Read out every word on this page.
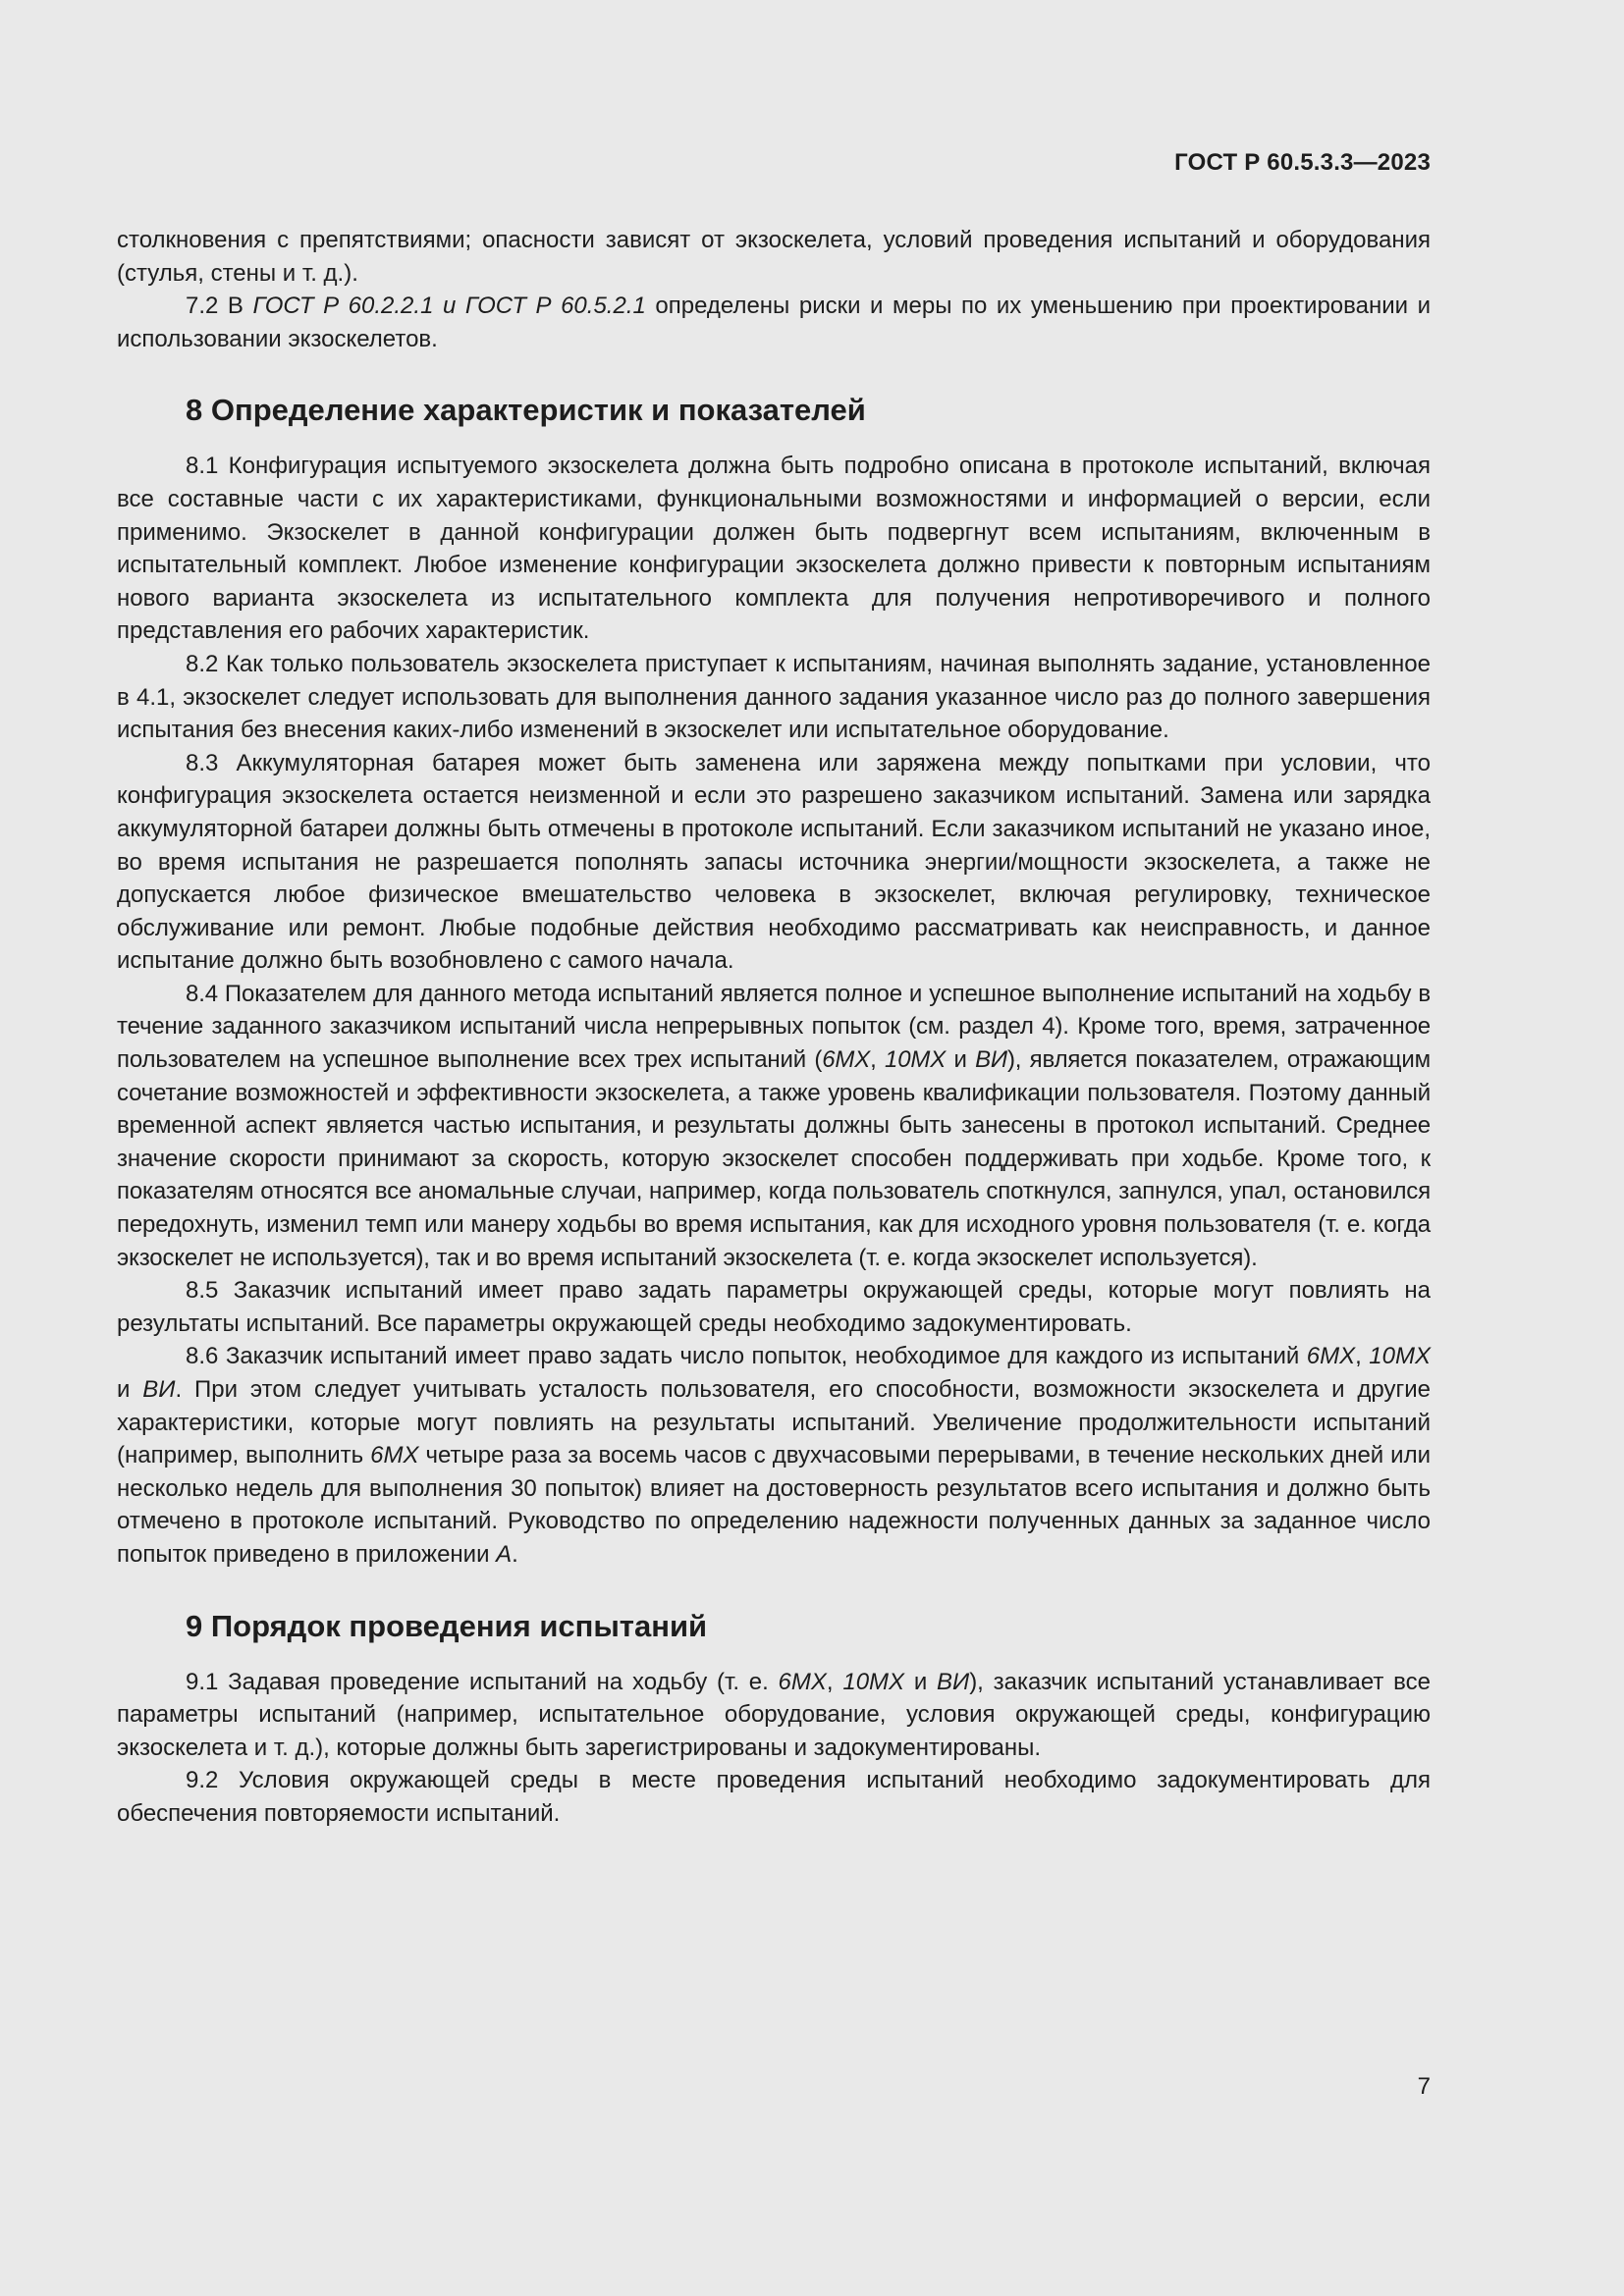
ГОСТ Р 60.5.3.3—2023

столкновения с препятствиями; опасности зависят от экзоскелета, условий проведения испытаний и оборудования (стулья, стены и т. д.).

7.2 В ГОСТ Р 60.2.2.1 и ГОСТ Р 60.5.2.1 определены риски и меры по их уменьшению при проектировании и использовании экзоскелетов.

8 Определение характеристик и показателей

8.1 Конфигурация испытуемого экзоскелета должна быть подробно описана в протоколе испытаний, включая все составные части с их характеристиками, функциональными возможностями и информацией о версии, если применимо. Экзоскелет в данной конфигурации должен быть подвергнут всем испытаниям, включенным в испытательный комплект. Любое изменение конфигурации экзоскелета должно привести к повторным испытаниям нового варианта экзоскелета из испытательного комплекта для получения непротиворечивого и полного представления его рабочих характеристик.

8.2 Как только пользователь экзоскелета приступает к испытаниям, начиная выполнять задание, установленное в 4.1, экзоскелет следует использовать для выполнения данного задания указанное число раз до полного завершения испытания без внесения каких-либо изменений в экзоскелет или испытательное оборудование.

8.3 Аккумуляторная батарея может быть заменена или заряжена между попытками при условии, что конфигурация экзоскелета остается неизменной и если это разрешено заказчиком испытаний. Замена или зарядка аккумуляторной батареи должны быть отмечены в протоколе испытаний. Если заказчиком испытаний не указано иное, во время испытания не разрешается пополнять запасы источника энергии/мощности экзоскелета, а также не допускается любое физическое вмешательство человека в экзоскелет, включая регулировку, техническое обслуживание или ремонт. Любые подобные действия необходимо рассматривать как неисправность, и данное испытание должно быть возобновлено с самого начала.

8.4 Показателем для данного метода испытаний является полное и успешное выполнение испытаний на ходьбу в течение заданного заказчиком испытаний числа непрерывных попыток (см. раздел 4). Кроме того, время, затраченное пользователем на успешное выполнение всех трех испытаний (6МХ, 10МХ и ВИ), является показателем, отражающим сочетание возможностей и эффективности экзоскелета, а также уровень квалификации пользователя. Поэтому данный временной аспект является частью испытания, и результаты должны быть занесены в протокол испытаний. Среднее значение скорости принимают за скорость, которую экзоскелет способен поддерживать при ходьбе. Кроме того, к показателям относятся все аномальные случаи, например, когда пользователь споткнулся, запнулся, упал, остановился передохнуть, изменил темп или манеру ходьбы во время испытания, как для исходного уровня пользователя (т. е. когда экзоскелет не используется), так и во время испытаний экзоскелета (т. е. когда экзоскелет используется).

8.5 Заказчик испытаний имеет право задать параметры окружающей среды, которые могут повлиять на результаты испытаний. Все параметры окружающей среды необходимо задокументировать.

8.6 Заказчик испытаний имеет право задать число попыток, необходимое для каждого из испытаний 6МХ, 10МХ и ВИ. При этом следует учитывать усталость пользователя, его способности, возможности экзоскелета и другие характеристики, которые могут повлиять на результаты испытаний. Увеличение продолжительности испытаний (например, выполнить 6МХ четыре раза за восемь часов с двухчасовыми перерывами, в течение нескольких дней или несколько недель для выполнения 30 попыток) влияет на достоверность результатов всего испытания и должно быть отмечено в протоколе испытаний. Руководство по определению надежности полученных данных за заданное число попыток приведено в приложении А.

9 Порядок проведения испытаний

9.1 Задавая проведение испытаний на ходьбу (т. е. 6МХ, 10МХ и ВИ), заказчик испытаний устанавливает все параметры испытаний (например, испытательное оборудование, условия окружающей среды, конфигурацию экзоскелета и т. д.), которые должны быть зарегистрированы и задокументированы.

9.2 Условия окружающей среды в месте проведения испытаний необходимо задокументировать для обеспечения повторяемости испытаний.

7
